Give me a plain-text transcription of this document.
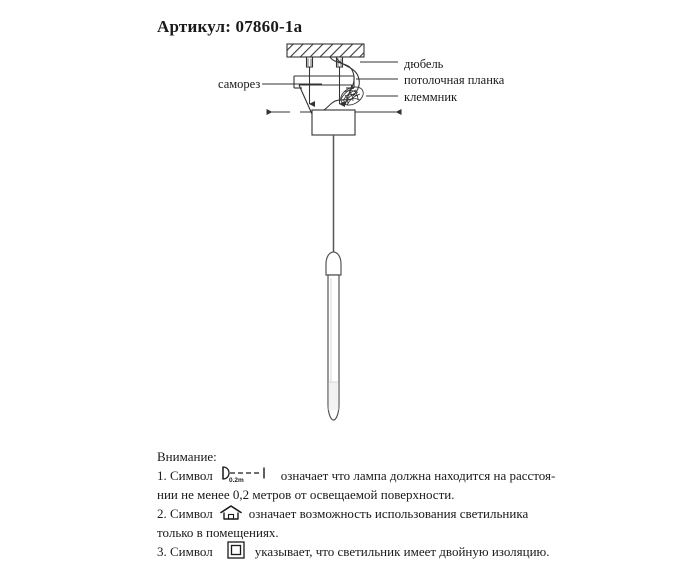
Артикул: 07860-1a
саморез
дюбель
потолочная планка
клеммник
Внимание:
1. Символ 0.2m	означает что лампа должна находится на расстоя-
нии не менее 0,2 метров от освещаемой поверхности.
2. Символ	означает возможность использования светильника
только в помещениях.
3. Символ	указывает, что светильник имеет двойную изоляцию.
